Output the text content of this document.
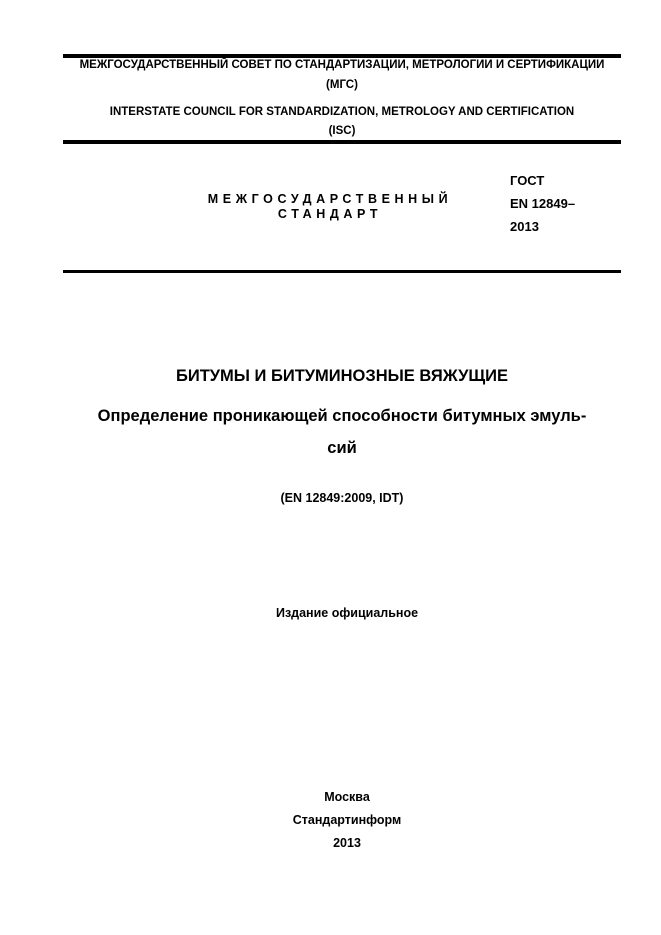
МЕЖГОСУДАРСТВЕННЫЙ СОВЕТ ПО СТАНДАРТИЗАЦИИ, МЕТРОЛОГИИ И СЕРТИФИКАЦИИ
(МГС)
INTERSTATE COUNCIL FOR STANDARDIZATION, METROLOGY AND CERTIFICATION
(ISC)
МЕЖГОСУДАРСТВЕННЫЙ
СТАНДАРТ
ГОСТ
EN 12849–
2013
БИТУМЫ И БИТУМИНОЗНЫЕ ВЯЖУЩИЕ
Определение проникающей способности битумных эмуль-
сий
(EN 12849:2009, IDT)
Издание официальное
Москва
Стандартинформ
2013
